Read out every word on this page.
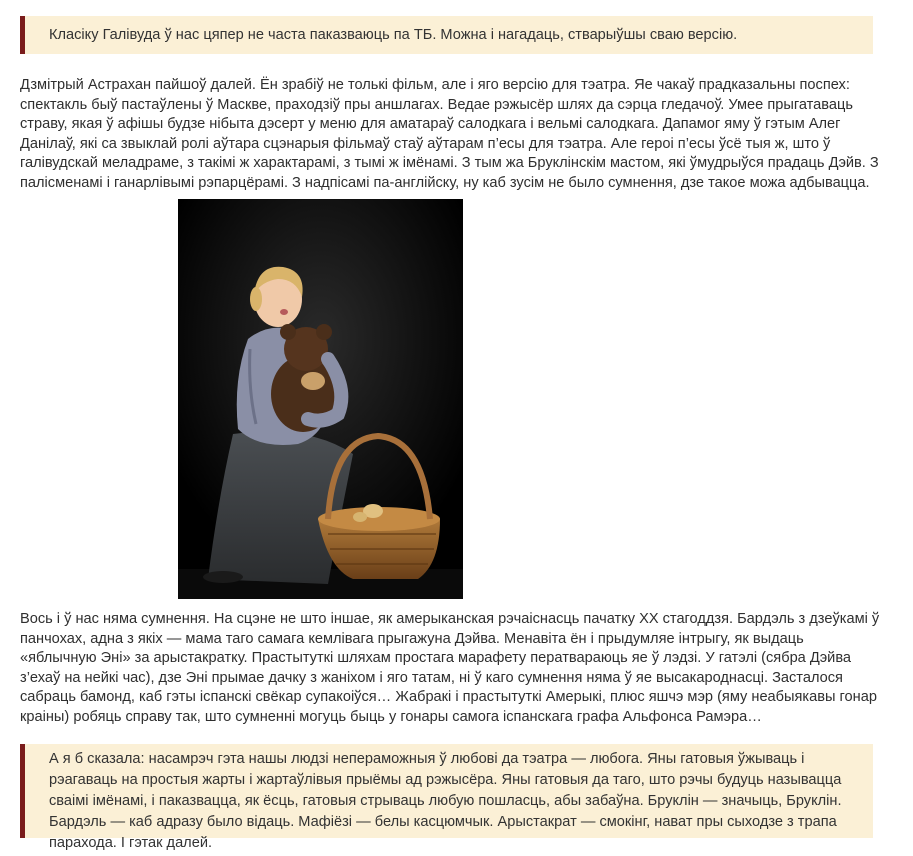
Класіку Галівуда ў нас цяпер не часта паказваюць па ТБ. Можна і нагадаць, стварыўшы сваю версію.

Дзмітрый Астрахан пайшоў далей. Ён зрабіў не толькі фільм, але і яго версію для тэатра. Яе чакаў прадказальны поспех: спектакль быў пастаўлены ў Маскве, праходзіў пры аншлагах. Ведае рэжысёр шлях да сэрца гледачоў. Умее прыгатаваць страву, якая ў афішы будзе нібыта дэсерт у меню для аматараў салодкага і вельмі салодкага. Дапамог яму ў гэтым Алег Данілаў, які са звыклай ролі аўтара сцэнарыя фільмаў стаў аўтарам п’есы для тэатра. Але героі п’есы ўсё тыя ж, што ў галівудскай меладраме, з такімі ж характарамі, з тымі ж імёнамі. З тым жа Бруклінскім мастом, які ўмудрыўся прадаць Дэйв. З палісменамі і ганарлівымі рэпарцёрамі. З надпісамі па-англійску, ну каб зусім не было сумнення, дзе такое можа адбывацца.

Вось і ў нас няма сумнення. На сцэне не што іншае, як амерыканская рэчаіснасць пачатку XX стагоддзя. Бардэль з дзеўкамі ў панчохах, адна з якіх — мама таго самага кемлівага прыгажуна Дэйва. Менавіта ён і прыдумляе інтрыгу, як выдаць «яблычную Эні» за арыстакратку. Прастытуткі шляхам простага марафету ператвараюць яе ў лэдзі. У гатэлі (сябра Дэйва з’ехаў на нейкі час), дзе Эні прымае дачку з жаніхом і яго татам, ні ў каго сумнення няма ў яе высакароднасці. Засталося сабраць бамонд, каб гэты іспанскі свёкар супакоіўся… Жабракі і прастытуткі Амерыкі, плюс яшчэ мэр (яму неабыякавы гонар краіны) робяць справу так, што сумненні могуць быць у гонары самога іспанскага графа Альфонса Рамэра…

А я б сказала: насамрэч гэта нашы людзі непераможныя ў любові да тэатра — любога. Яны гатовыя ўжываць і рэагаваць на простыя жарты і жартаўлівыя прыёмы ад рэжысёра. Яны гатовыя да таго, што рэчы будуць называцца сваімі імёнамі, і паказвацца, як ёсць, гатовыя стрываць любую пошласць, абы забаўна. Бруклін — значыць, Бруклін. Бардэль — каб адразу было відаць. Мафіёзі — белы касцюмчык. Арыстакрат — смокінг, нават пры сыходзе з трапа парахода. І гэтак далей.
